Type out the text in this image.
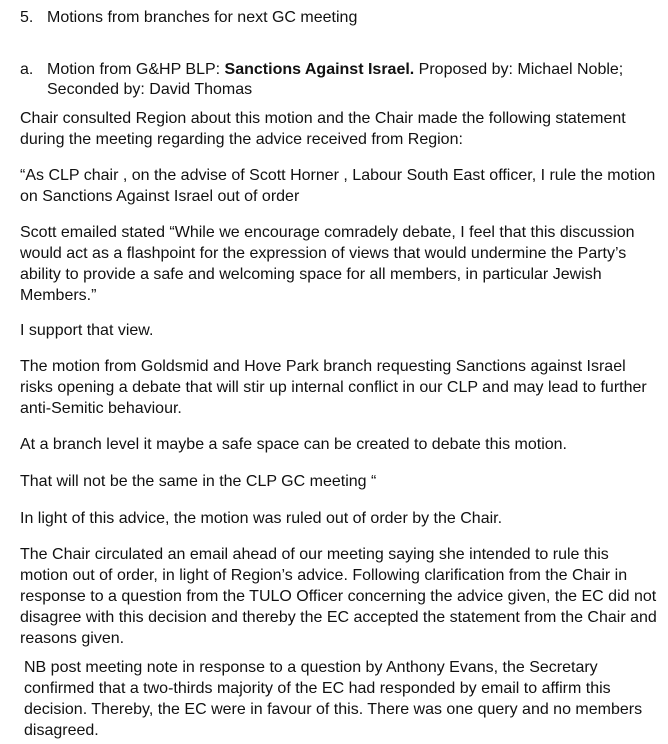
5. Motions from branches for next GC meeting
a. Motion from G&HP BLP: Sanctions Against Israel. Proposed by: Michael Noble;
Seconded by: David Thomas

Chair consulted Region about this motion and the Chair made the following statement during the meeting regarding the advice received from Region:

“As CLP chair , on the advise of Scott Horner , Labour South East officer, I rule the motion on Sanctions Against Israel out of order

Scott emailed stated “While we encourage comradely debate, I feel that this discussion would act as a flashpoint for the expression of views that would undermine the Party’s ability to provide a safe and welcoming space for all members, in particular Jewish Members.”

I support that view.

The motion from Goldsmid and Hove Park branch requesting Sanctions against Israel risks opening a debate that will stir up internal conflict in our CLP and may lead to further anti-Semitic behaviour.

At a branch level it maybe a safe space can be created to debate this motion.

That will not be the same in the CLP GC meeting “

In light of this advice, the motion was ruled out of order by the Chair.

The Chair circulated an email ahead of our meeting saying she intended to rule this motion out of order, in light of Region’s advice. Following clarification from the Chair in response to a question from the TULO Officer concerning the advice given, the EC did not disagree with this decision and thereby the EC accepted the statement from the Chair and reasons given.

NB post meeting note in response to a question by Anthony Evans, the Secretary confirmed that a two-thirds majority of the EC had responded by email to affirm this decision. Thereby, the EC were in favour of this. There was one query and no members disagreed.
